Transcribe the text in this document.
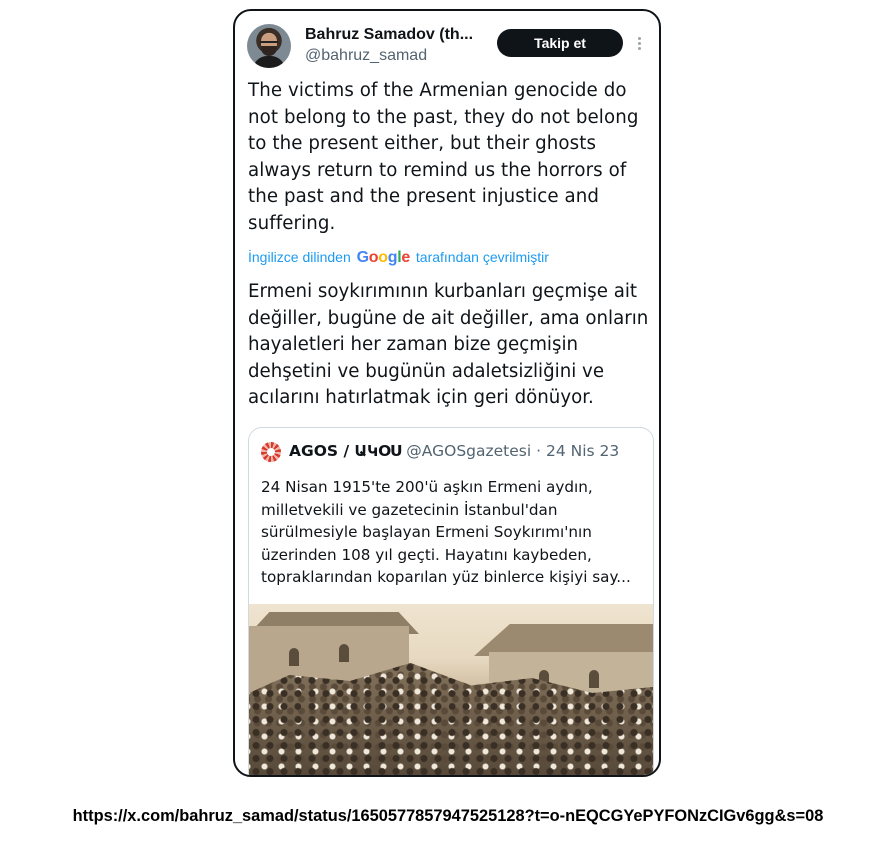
Bahruz Samadov (th...
@bahruz_samad
Takip et

The victims of the Armenian genocide do not belong to the past, they do not belong to the present either, but their ghosts always return to remind us the horrors of the past and the present injustice and suffering.

İngilizce dilinden Google tarafından çevrilmiştir

Ermeni soykırımının kurbanları geçmişe ait değiller, bugüne de ait değiller, ama onların hayaletleri her zaman bize geçmişin dehşetini ve bugünün adaletsizliğini ve acılarını hatırlatmak için geri dönüyor.

AGOS / ԱԿՕՍ @AGOSgazetesi · 24 Nis 23

24 Nisan 1915'te 200'ü aşkın Ermeni aydın,
milletvekili ve gazetecinin İstanbul'dan
sürülmesiyle başlayan Ermeni Soykırımı'nın
üzerinden 108 yıl geçti. Hayatını kaybeden,
topraklarından koparılan yüz binlerce kişiyi say...

https://x.com/bahruz_samad/status/1650577857947525128?t=o-nEQCGYePYFONzCIGv6gg&s=08
